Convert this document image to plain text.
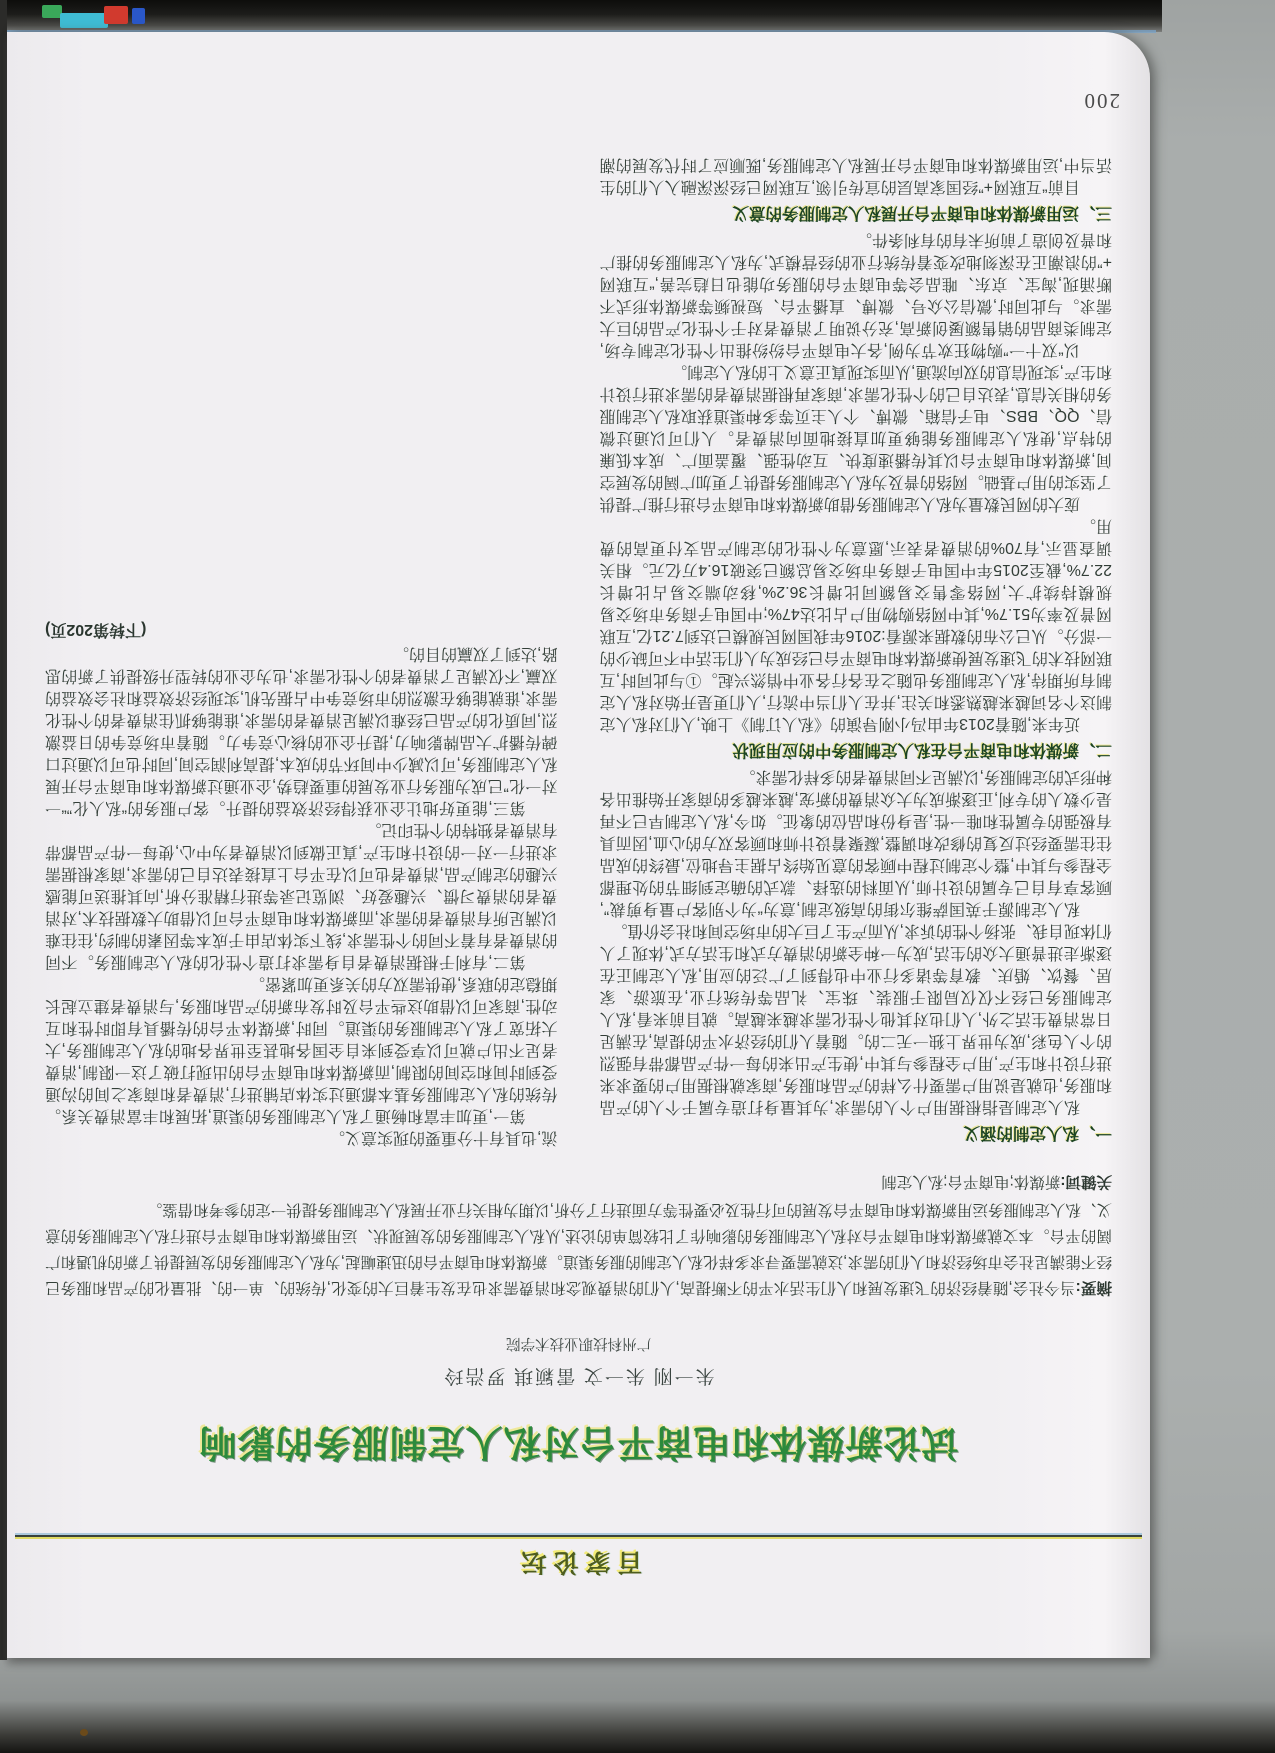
百家论坛

试论新媒体和电商平台对私人定制服务的影响

朱一刚 朱一文 雷颖琪 罗浩玲

广州科技职业技术学院

摘要:当今社会,随着经济的飞速发展和人们生活水平的不断提高,人们的消费观念和消费需求也在发生着巨大的变化,传统的、单一的、批量化的产品和服务已经不能满足社会市场经济和人们的需求,这就需要寻求多样化私人定制的服务渠道。新媒体和电商平台的迅速崛起,为私人定制服务的发展提供了新的机遇和广阔的平台。本文就新媒体和电商平台对私人定制服务的影响作了比较简单的论述,从私人定制服务的发展现状、运用新媒体和电商平台进行私人定制服务的意义、私人定制服务运用新媒体和电商平台发展的可行性及必要性等方面进行了分析,以期为相关行业开展私人定制服务提供一定的参考和借鉴。

关键词:新媒体;电商平台;私人定制

一、私人定制的涵义

私人定制是指根据用户个人的需求,为其量身打造专属于个人的产品和服务,也就是说用户需要什么样的产品和服务,商家就根据用户的要求来进行设计和生产,用户全程参与其中,使生产出来的每一件产品都带有强烈的个人色彩,成为世界上独一无二的。随着人们的经济水平的提高,在满足日常消费生活之外,人们也对其他个性化需求越来越高。就目前来看,私人定制服务已经不仅仅局限于服装、珠宝、礼品等传统行业,在旅游、家居、餐饮、婚庆、教育等诸多行业中也得到了广泛的应用,私人定制正在逐渐走进普通大众的生活,成为一种全新的消费方式和生活方式,体现了人们体现自我、张扬个性的诉求,从而产生了巨大的市场空间和社会价值。

私人定制源于英国萨维尔街的高级定制,意为“为个别客户量身剪裁”,顾客享有自己专属的设计师,从面料的选择、款式的确定到细节的处理都全程参与其中,整个定制过程中顾客的意见始终占据主导地位,最终的成品往往需要经过反复的修改和调整,凝聚着设计师和顾客双方的心血,因而具有极强的专属性和唯一性,是身份和品位的象征。如今,私人定制早已不再是少数人的专利,正逐渐成为大众消费的新宠,越来越多的商家开始推出各种形式的定制服务,以满足不同消费者的多样化需求。

二、新媒体和电商平台在私人定制服务中的应用现状

近年来,随着2013年由冯小刚导演的《私人订制》上映,人们对私人定制这个名词越来越熟悉和关注,并在人们当中流行,人们更是开始对私人定制有所期待,私人定制服务也随之在各行各业中悄然兴起。①与此同时,互联网技术的飞速发展使新媒体和电商平台已经成为人们生活中不可缺少的一部分。从已公布的数据来源看:2016年我国网民规模已达到7.21亿,互联网普及率为51.7%,其中网络购物用户占比达47%;中国电子商务市场交易规模持续扩大,网络零售交易额同比增长36.2%,移动端交易占比增长22.7%,截至2015年中国电子商务市场交易总额已突破16.4万亿元。相关调查显示,有70%的消费者表示,愿意为个性化的定制产品支付更高的费用。

庞大的网民数量为私人定制服务借助新媒体和电商平台进行推广提供了坚实的用户基础。网络的普及为私人定制服务提供了更加广阔的发展空间,新媒体和电商平台以其传播速度快、互动性强、覆盖面广、成本低廉的特点,使私人定制服务能够更加直接地面向消费者。人们可以通过微信、QQ、BBS、电子信箱、微博、个人主页等多种渠道获取私人定制服务的相关信息,表达自己的个性化需求,商家再根据消费者的需求进行设计和生产,实现信息的双向流通,从而实现真正意义上的私人定制。

以“双十一”购物狂欢节为例,各大电商平台纷纷推出个性化定制专场,定制类商品的销售额屡创新高,充分说明了消费者对于个性化产品的巨大需求。与此同时,微信公众号、微博、直播平台、短视频等新媒体形式不断涌现,淘宝、京东、唯品会等电商平台的服务功能也日趋完善,“互联网+”的浪潮正在深刻地改变着传统行业的经营模式,为私人定制服务的推广和普及创造了前所未有的有利条件。

三、运用新媒体和电商平台开展私人定制服务的意义

目前“互联网+”经国家高层的宣传引领,互联网已经深深融入人们的生活当中,运用新媒体和电商平台开展私人定制服务,既顺应了时代发展的潮流,也具有十分重要的现实意义。

第一,更加丰富和畅通了私人定制服务的渠道,拓展和丰富消费关系。传统的私人定制服务基本都通过实体店铺进行,消费者和商家之间的沟通受到时间和空间的限制,而新媒体和电商平台的出现打破了这一限制,消费者足不出户就可以享受到来自全国各地甚至世界各地的私人定制服务,大大拓宽了私人定制服务的渠道。同时,新媒体平台的传播具有即时性和互动性,商家可以借助这些平台及时发布新的产品和服务,与消费者建立起长期稳定的联系,使供需双方的关系更加紧密。

第二,有利于根据消费者自身需求打造个性化的私人定制服务。不同的消费者有着不同的个性需求,线下实体店由于成本等因素的制约,往往难以满足所有消费者的需求,而新媒体和电商平台可以借助大数据技术,对消费者的消费习惯、兴趣爱好、浏览记录等进行精准分析,向其推送可能感兴趣的定制产品,消费者也可以在平台上直接表达自己的需求,商家根据需求进行一对一的设计和生产,真正做到以消费者为中心,使每一件产品都带有消费者独特的个性印记。

第三,能更好地让企业获得经济效益的提升。客户服务的“私人化”“一对一化”已成为服务行业发展的重要趋势,企业通过新媒体和电商平台开展私人定制服务,可以减少中间环节的成本,提高利润空间,同时也可以通过口碑传播扩大品牌影响力,提升企业的核心竞争力。随着市场竞争的日益激烈,同质化的产品已经难以满足消费者的需求,谁能够抓住消费者的个性化需求,谁就能够在激烈的市场竞争中占据先机,实现经济效益和社会效益的双赢,不仅满足了消费者的个性化需求,也为企业的转型升级提供了新的思路,达到了双赢的目的。

(下转第202页)

200
